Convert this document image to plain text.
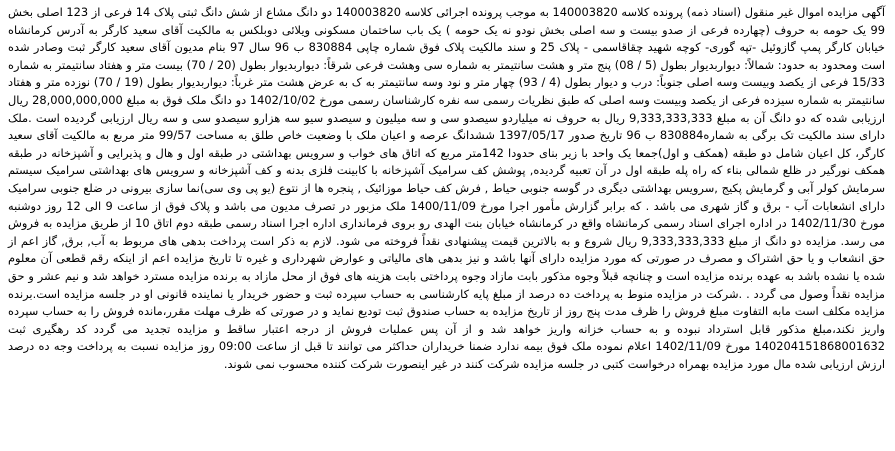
آگهی مزایده اموال غیر منقول (اسناد ذمه) پرونده کلاسه 140003820 به موجب پرونده اجرائی کلاسه 140003820 دو دانگ مشاع از شش دانگ ثبتی پلاک 14 فرعی از 123 اصلی بخش 99 یک حومه به حروف (چهارده فرعی از صدو بیست و سه اصلی بخش نودو نه یک حومه ) یک باب ساختمان مسکونی ویلائی دوبلکس به مالکیت آقای سعید کارگر به آدرس کرمانشاه خیابان کارگر پمپ گازوئیل -تپه گوری- کوچه شهید چقاقاسمی - پلاک 25 و سند مالکیت پلاک فوق شماره چاپی 830884 ب 96 سال 97 بنام مدیون آقای سعید کارگر ثبت وصادر شده است ومحدود به حدود: شمالاً: دیواربدیوار بطول (5 / 08) پنج متر و هشت سانتیمتر به شماره سی وهشت فرعی شرقاً: دیواربدیوار بطول (20 / 70) بیست متر و هفتاد سانتیمتر به شماره 15/33 فرعی از یکصد وبیست وسه اصلی جنوباً: درب و دیوار بطول (4 / 93) چهار متر و نود وسه سانتیمتر به ک به عرض هشت متر غرباً: دیواربدیوار بطول (19 / 70) نوزده متر و هفتاد سانتیمتر به شماره سیزده فرعی از یکصد وبیست وسه اصلی که طبق نظریات رسمی سه نفره کارشناسان رسمی مورخ 1402/10/02 دو دانگ ملک فوق به مبلغ 28,000,000,000 ریال ارزیابی شده که دو دانگ آن به مبلغ 9,333,333,333 ریال به حروف نه میلیاردو سیصدو سی و سه میلیون و سیصدو سیو سه هزارو سیصدو سی و سه ریال ارزیابی گردیده است .ملک دارای سند مالکیت تک برگی به شماره830884 ب 96 تاریخ صدور 1397/05/17 ششدانگ عرصه و اعیان ملک با وضعیت خاص طلق به مساحت 99/57 متر مربع به مالکیت آقای سعید کارگر، کل اعیان شامل دو طبقه (همکف و اول)جمعا یک واحد با زیر بنای حدودا 142متر مربع که اتاق های خواب و سرویس بهداشتی در طبقه اول و هال و پذیرایی و آشپزخانه در طبقه همکف نورگیر در ظلع شمالی بناء که راه پله طبقه اول در آن تعبیه گردیده, پوشش کف سرامیک آشپزخانه با کابینت فلزی بدنه و کف آشپزخانه و سرویس های بهداشتی سرامیک سیستم سرمایش کولر آبی و گرمایش پکیج ,سرویس بهداشتی دیگری در گوسه جنوبی حیاط , فرش کف حیاط موزائیک , پنجره ها از نتوع (یو پی وی سی)نما سازی بیرونی در ضلع جنوبی سرامیک دارای انشعابات آب - برق و گاز شهری می باشد . که برابر گزارش مأمور اجرا مورخ 1400/11/09 ملک مزبور در تصرف مدیون می باشد و پلاک فوق از ساعت 9 الی 12 روز دوشنبه مورخ 1402/11/30 در اداره اجرای اسناد رسمی کرمانشاه واقع در کرمانشاه خیابان بنت الهدی رو بروی فرمانداری اداره اجرا اسناد رسمی طبقه دوم اتاق 10 از طریق مزایده به فروش می رسد. مزایده دو دانگ از مبلغ 9,333,333,333 ریال شروع و به بالاترین قیمت پیشنهادی نقداً فروخته می شود. لازم به ذکر است پرداخت بدهی های مربوط به آب, برق, گاز اعم از حق انشعاب و یا حق اشتراک و مصرف در صورتی که مورد مزایده دارای آنها باشد و نیز بدهی های مالیاتی و عوارض شهرداری و غیره تا تاریخ مزایده اعم از اینکه رقم قطعی آن معلوم شده یا نشده باشد به عهده برنده مزایده است و چنانچه قبلاً وجوه مذکور بابت مازاد وجوه پرداختی بابت هزینه های فوق از محل مازاد به برنده مزایده مسترد خواهد شد و نیم عشر و حق مزایده نقداً وصول می گردد . .شرکت در مزایده منوط به پرداخت ده درصد از مبلغ پایه کارشناسی به حساب سپرده ثبت و حضور خریدار یا نماینده قانونی او در جلسه مزایده است.برنده مزایده مکلف است مابه التفاوت مبلغ فروش را ظرف مدت پنج روز از تاریخ مزایده به حساب صندوق ثبت تودیع نماید و در صورتی که ظرف مهلت مقرر،مانده فروش را به حساب سپرده واریز نکند،مبلغ مذکور قابل استرداد نبوده و به حساب خزانه واریز خواهد شد و از آن پس عملیات فروش از درجه اعتبار ساقط و مزایده تجدید می گردد کد رهگیری ثبت 140204151868001632 مورخ 1402/11/09 اعلام نموده ملک فوق بیمه ندارد ضمنا خریداران حداکثر می توانند تا قبل از ساعت 09:00 روز مزایده نسبت به پرداخت وجه ده درصد ارزش ارزیابی شده مال مورد مزایده بهمراه درخواست کتبی در جلسه مزایده شرکت کنند در غیر اینصورت شرکت کننده محسوب نمی شوند.
